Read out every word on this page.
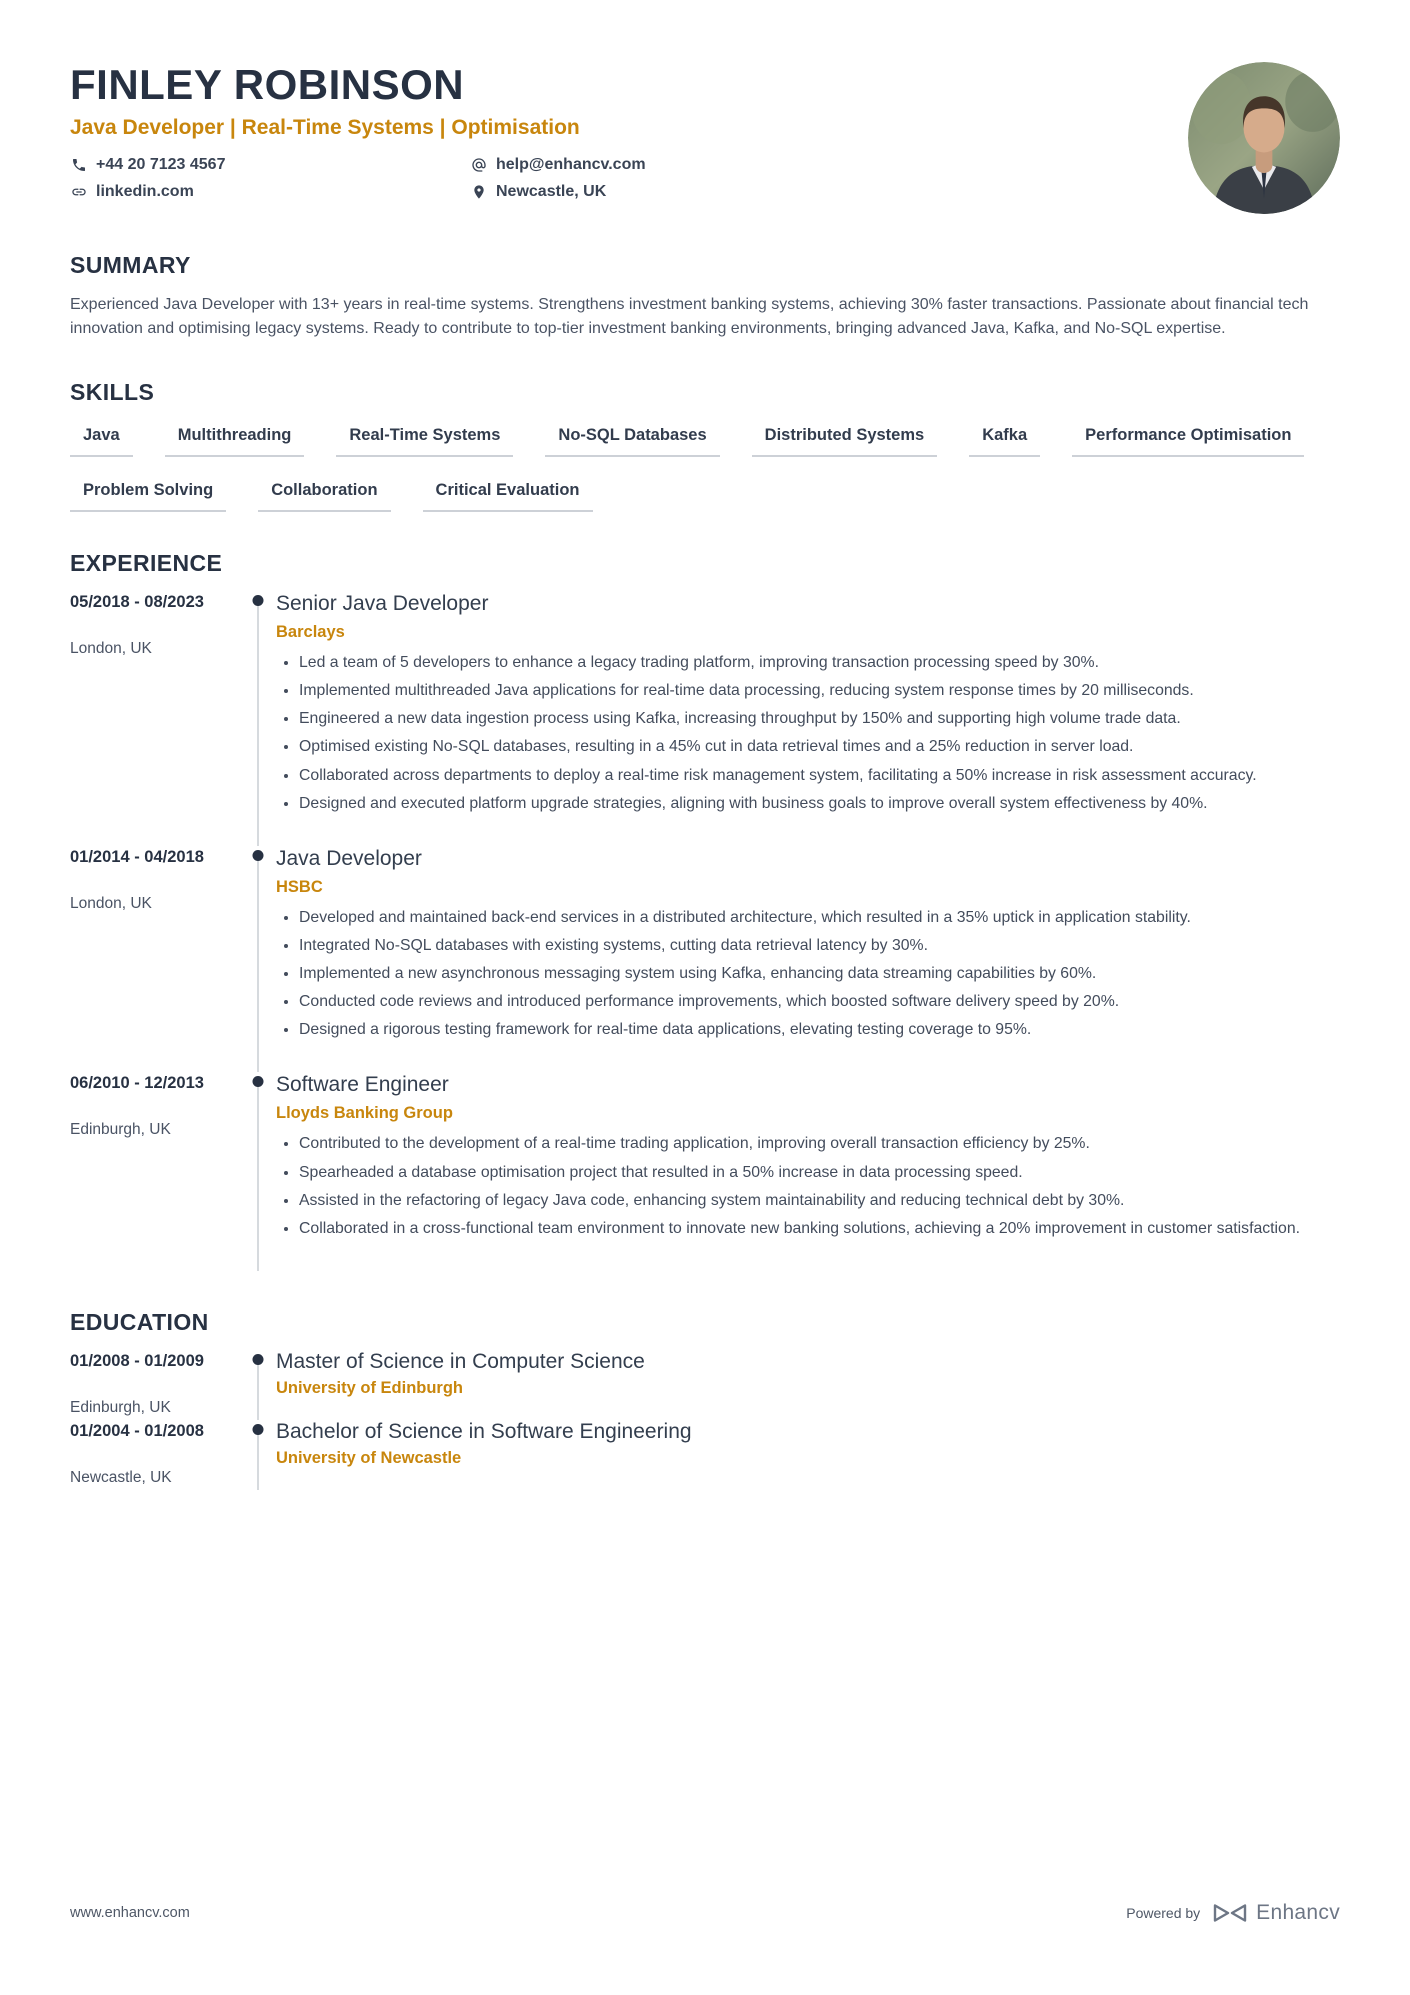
FINLEY ROBINSON
Java Developer | Real-Time Systems | Optimisation
+44 20 7123 4567	help@enhancv.com
linkedin.com	Newcastle, UK
SUMMARY

Experienced Java Developer with 13+ years in real-time systems. Strengthens investment banking systems, achieving 30% faster transactions. Passionate about financial tech innovation and optimising legacy systems. Ready to contribute to top-tier investment banking environments, bringing advanced Java, Kafka, and No-SQL expertise.

SKILLS
Java	Multithreading	Real-Time Systems	No-SQL Databases	Distributed Systems	Kafka	Performance Optimisation
Problem Solving	Collaboration	Critical Evaluation
EXPERIENCE
05/2018 - 08/2023
London, UK
Senior Java Developer
Barclays
• Led a team of 5 developers to enhance a legacy trading platform, improving transaction processing speed by 30%.
• Implemented multithreaded Java applications for real-time data processing, reducing system response times by 20 milliseconds.
• Engineered a new data ingestion process using Kafka, increasing throughput by 150% and supporting high volume trade data.
• Optimised existing No-SQL databases, resulting in a 45% cut in data retrieval times and a 25% reduction in server load.
• Collaborated across departments to deploy a real-time risk management system, facilitating a 50% increase in risk assessment accuracy.
• Designed and executed platform upgrade strategies, aligning with business goals to improve overall system effectiveness by 40%.
01/2014 - 04/2018
London, UK
Java Developer
HSBC
• Developed and maintained back-end services in a distributed architecture, which resulted in a 35% uptick in application stability.
• Integrated No-SQL databases with existing systems, cutting data retrieval latency by 30%.
• Implemented a new asynchronous messaging system using Kafka, enhancing data streaming capabilities by 60%.
• Conducted code reviews and introduced performance improvements, which boosted software delivery speed by 20%.
• Designed a rigorous testing framework for real-time data applications, elevating testing coverage to 95%.
06/2010 - 12/2013
Edinburgh, UK
Software Engineer
Lloyds Banking Group
• Contributed to the development of a real-time trading application, improving overall transaction efficiency by 25%.
• Spearheaded a database optimisation project that resulted in a 50% increase in data processing speed.
• Assisted in the refactoring of legacy Java code, enhancing system maintainability and reducing technical debt by 30%.
• Collaborated in a cross-functional team environment to innovate new banking solutions, achieving a 20% improvement in customer satisfaction.
EDUCATION
01/2008 - 01/2009
Edinburgh, UK
Master of Science in Computer Science
University of Edinburgh
01/2004 - 01/2008
Newcastle, UK
Bachelor of Science in Software Engineering
University of Newcastle
www.enhancv.com	Powered by	Enhancv
